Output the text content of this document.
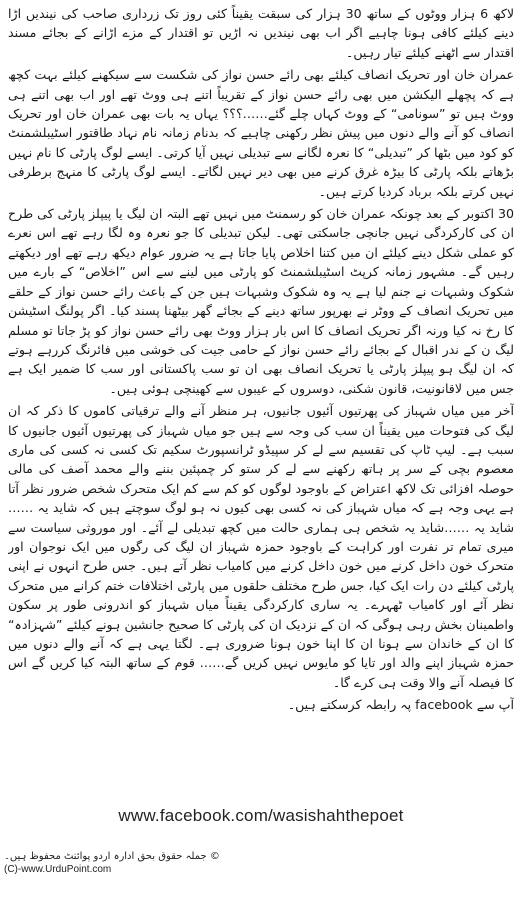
لاکھ 6 ہزار ووٹوں کے ساتھ 30 ہزار کی سبقت یقیناً کئی روز تک زرداری صاحب کی نیندیں اڑا دینے کیلئے کافی ہونا چاہیے اگر اب بھی نیندیں نہ اڑیں تو اقتدار کے مزے اڑانے کے بجائے مسند اقتدار سے اٹھنے کیلئے تیار رہیں۔

عمران خان اور تحریک انصاف کیلئے بھی رائے حسن نواز کی شکست سے سیکھنے کیلئے بہت کچھ ہے کہ پچھلے الیکشن میں بھی رائے حسن نواز کے تقریباً اتنے ہی ووٹ تھے اور اب بھی اتنے ہی ووٹ ہیں تو ”سونامی“ کے ووٹ کہاں چلے گئے……؟؟؟ یہاں یہ بات بھی عمران خان اور تحریک انصاف کو آنے والے دنوں میں پیش نظر رکھنی چاہیے کہ بدنام زمانہ نام نہاد طاقتور اسٹیبلشمنٹ کو کود میں بٹھا کر ”تبدیلی“ کا نعرہ لگانے سے تبدیلی نہیں آیا کرتی۔ ایسے لوگ پارٹی کا نام نہیں بڑھاتے بلکہ پارٹی کا بیڑہ غرق کرنے میں بھی دیر نہیں لگاتے۔ ایسے لوگ پارٹی کا منہج برطرفی نہیں کرتے بلکہ برباد کردیا کرتے ہیں۔

30 اکتوبر کے بعد چونکہ عمران خان کو رسمنٹ میں نہیں تھے البتہ ان لیگ یا پیپلز پارٹی کی طرح ان کی کارکردگی نہیں جانچی جاسکتی تھی۔ لیکن تبدیلی کا جو نعرہ وہ لگا رہے تھے اس نعرے کو عملی شکل دینے کیلئے ان میں کتنا اخلاص پایا جاتا ہے یہ ضرور عوام دیکھ رہے تھے اور دیکھتے رہیں گے۔ مشہور زمانہ کرپٹ اسٹیبلشمنٹ کو پارٹی میں لینے سے اس ”اخلاص“ کے بارے میں شکوک وشبہات نے جنم لیا ہے یہ وہ شکوک وشبہات ہیں جن کے باعث رائے حسن نواز کے حلقے میں تحریک انصاف کے ووٹر نے بھرپور ساتھ دینے کے بجائے گھر بیٹھنا پسند کیا۔ اگر پولنگ اسٹیشن کا رخ نہ کیا ورنہ اگر تحریک انصاف کا اس بار ہزار ووٹ بھی رائے حسن نواز کو پڑ جاتا تو مسلم لیگ ن کے ندر اقبال کے بجائے رائے حسن نواز کے حامی جیت کی خوشی میں فائرنگ کررہے ہوتے کہ ان لیگ ہو پیپلز پارٹی یا تحریک انصاف بھی ان تو سب پاکستانی اور سب کا ضمیر ایک ہے جس میں لاقانونیت، قانون شکنی، دوسروں کے عیبوں سے کھینچی ہوئی ہیں۔

آخر میں میاں شہباز کی پھرتیوں آئیوں جانیوں، ہر منظر آنے والے ترقیاتی کاموں کا ذکر کہ ان لیگ کی فتوحات میں یقیناً ان سب کی وجہ سے ہیں جو میاں شہباز کی پھرتیوں آئیوں جانیوں کا سبب ہے۔ لیپ ٹاپ کی تقسیم سے لے کر سپیڈو ٹرانسپورٹ سکیم تک کسی نہ کسی کی ماری معصوم بچی کے سر پر ہاتھ رکھنے سے لے کر ستو کر چمپئین بننے والے محمد آصف کی مالی حوصلہ افزائی تک لاکھ اعتراض کے باوجود لوگوں کو کم سے کم ایک متحرک شخص ضرور نظر آتا ہے یہی وجہ ہے کہ میاں شہباز کی نہ کسی بھی کیوں نہ ہو لوگ سوچتے ہیں کہ شاید یہ ……شاید یہ ……شاید یہ شخص ہی ہماری حالت میں کچھ تبدیلی لے آئے۔ اور موروثی سیاست سے میری تمام تر نفرت اور کراہت کے باوجود حمزہ شہباز ان لیگ کی رگوں میں ایک نوجوان اور متحرک خون داخل کرنے میں خون داخل کرنے میں کامیاب نظر آتے ہیں۔ جس طرح انہوں نے اپنی پارٹی کیلئے دن رات ایک کیا، جس طرح مختلف حلقوں میں پارٹی اختلافات ختم کرانے میں متحرک نظر آئے اور کامیاب ٹھہرے۔ یہ ساری کارکردگی یقیناً میاں شہباز کو اندرونی طور پر سکون واطمینان بخش رہی ہوگی کہ ان کے نزدیک ان کی پارٹی کا صحیح جانشین ہونے کیلئے ”شہزادہ“ کا ان کے خاندان سے ہونا ان کا اپنا خون ہونا ضروری ہے۔ لگتا یہی ہے کہ آنے والے دنوں میں حمزہ شہباز اپنے والد اور تایا کو مایوس نہیں کریں گے…… قوم کے ساتھ البتہ کیا کریں گے اس کا فیصلہ آنے والا وقت ہی کرے گا۔

آپ سے facebook پہ رابطہ کرسکتے ہیں۔

www.facebook.com/wasishahthepoet
© جملہ حقوق بحق ادارہ اردو پوائنٹ محفوظ ہیں۔
(C)-www.UrduPoint.com
